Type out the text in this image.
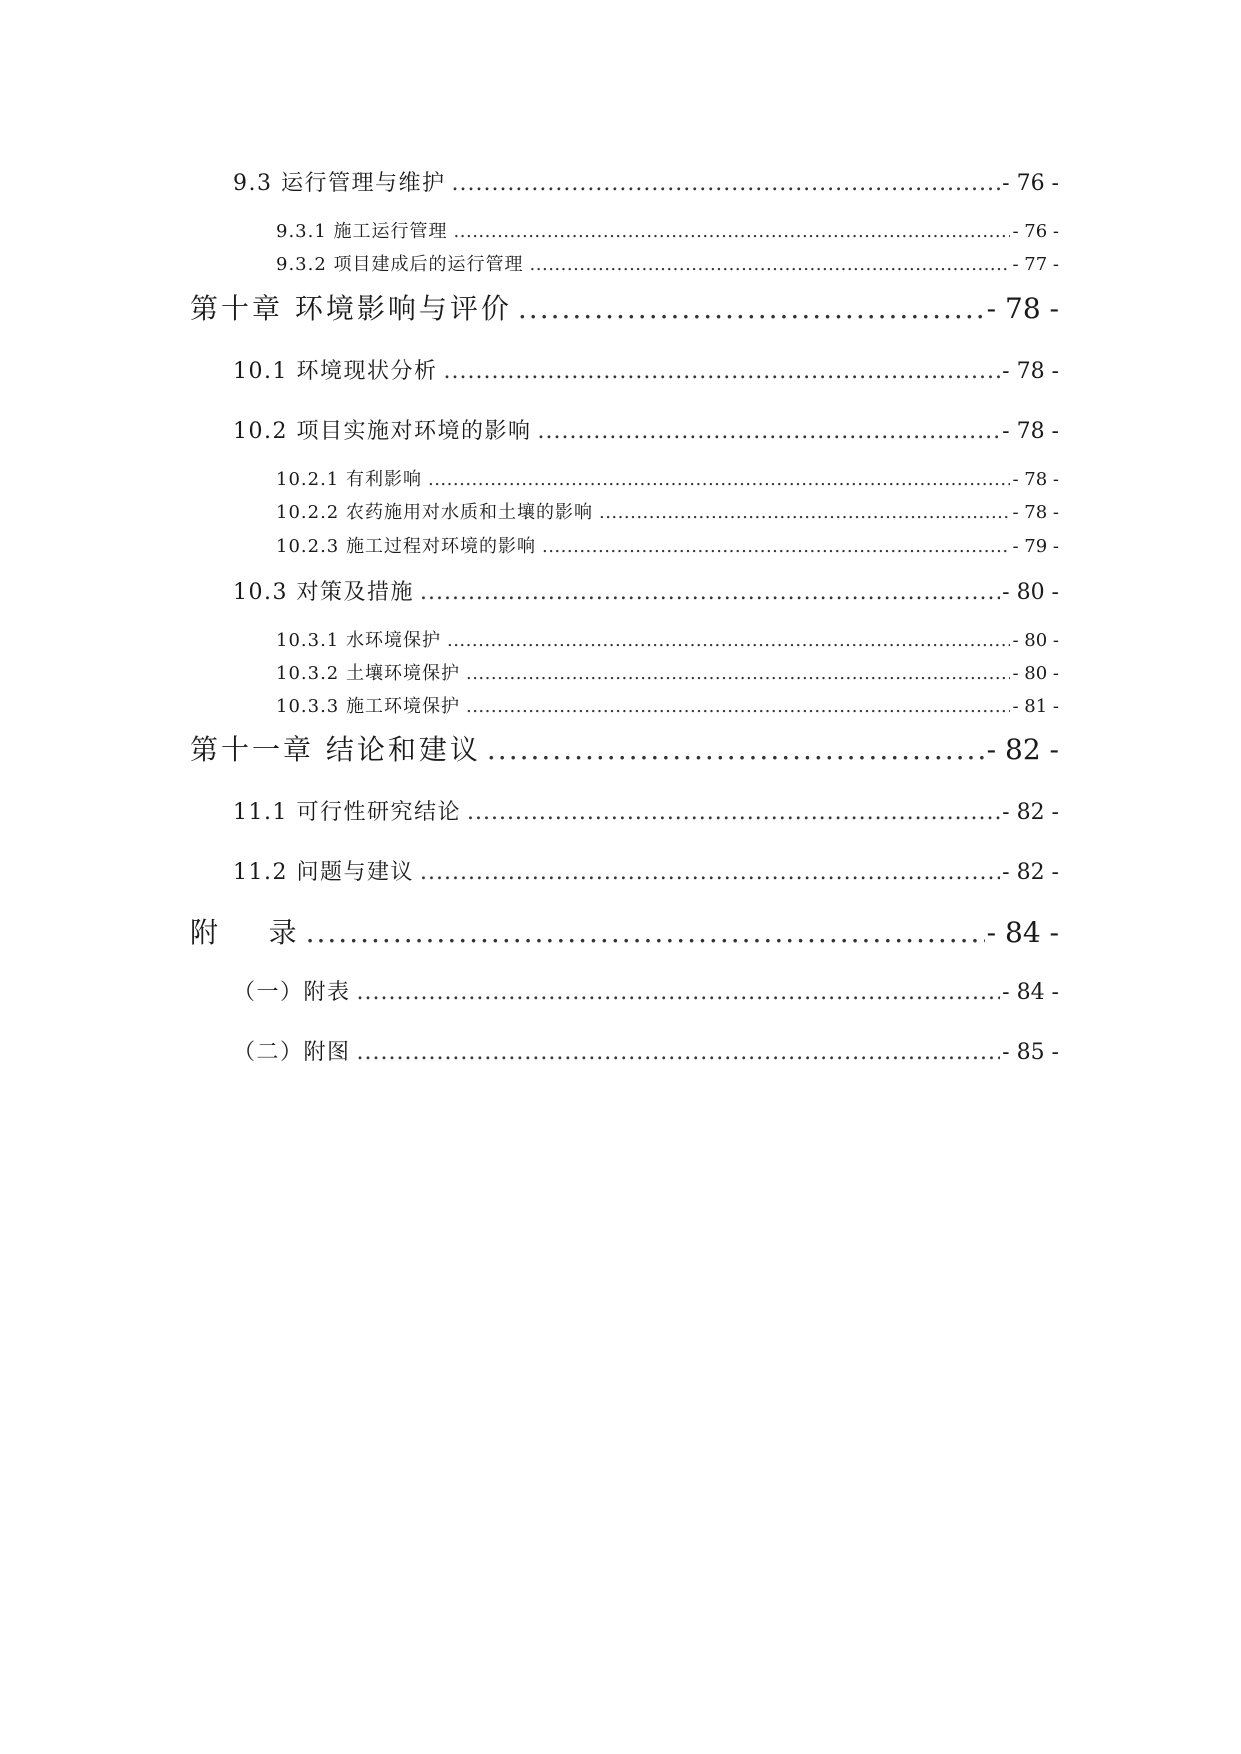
9.3 运行管理与维护 .....	- 76 -
9.3.1 施工运行管理 .....	- 76 -
9.3.2 项目建成后的运行管理 .....	- 77 -
第十章 环境影响与评价 .....	- 78 -
10.1 环境现状分析 .....	- 78 -
10.2 项目实施对环境的影响 .....	- 78 -
10.2.1 有利影响 .....	- 78 -
10.2.2 农药施用对水质和土壤的影响 .....	- 78 -
10.2.3 施工过程对环境的影响 .....	- 79 -
10.3 对策及措施 .....	- 80 -
10.3.1 水环境保护 .....	- 80 -
10.3.2 土壤环境保护 .....	- 80 -
10.3.3 施工环境保护 .....	- 81 -
第十一章 结论和建议 .....	- 82 -
11.1 可行性研究结论 .....	- 82 -
11.2 问题与建议 .....	- 82 -
附    录 .....	- 84 -
（一）附表 .....	- 84 -
（二）附图 .....	- 85 -
